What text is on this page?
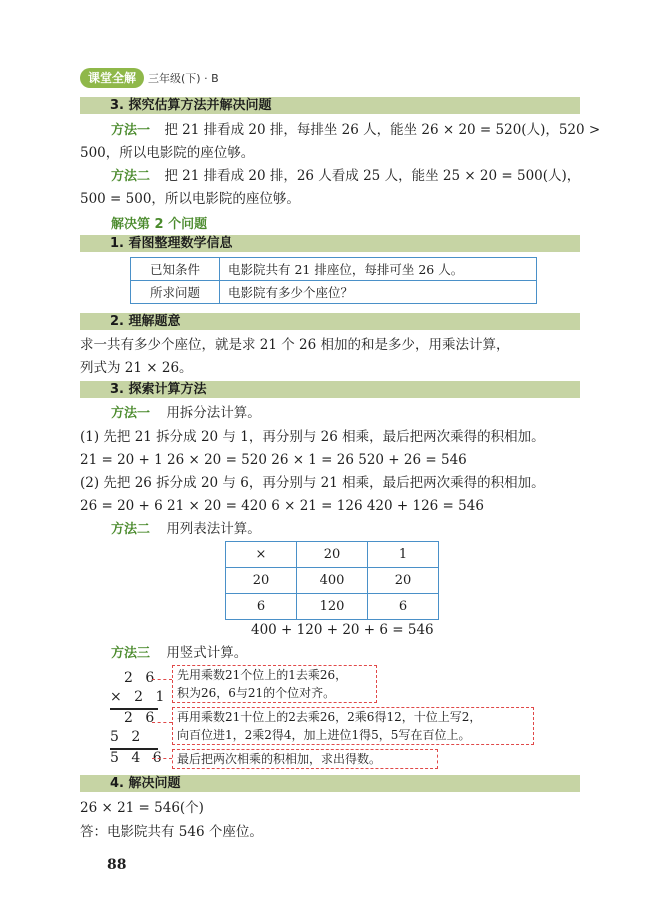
课堂全解	三年级(下) · B
3. 探究估算方法并解决问题
方法一 把 21 排看成 20 排，每排坐 26 人，能坐 26 × 20 = 520(人)，520 >
500，所以电影院的座位够。
方法二 把 21 排看成 20 排，26 人看成 25 人，能坐 25 × 20 = 500(人)，
500 = 500，所以电影院的座位够。
解决第 2 个问题
1. 看图整理数学信息
已知条件	电影院共有 21 排座位，每排可坐 26 人。
所求问题	电影院有多少个座位？
2. 理解题意
求一共有多少个座位，就是求 21 个 26 相加的和是多少，用乘法计算，
列式为 21 × 26。
3. 探索计算方法
方法一 用拆分法计算。
(1) 先把 21 拆分成 20 与 1，再分别与 26 相乘，最后把两次乘得的积相加。
21 = 20 + 1 26 × 20 = 520 26 × 1 = 26 520 + 26 = 546
(2) 先把 26 拆分成 20 与 6，再分别与 21 相乘，最后把两次乘得的积相加。
26 = 20 + 6 21 × 20 = 420 6 × 21 = 126 420 + 126 = 546
方法二 用列表法计算。
×	20	1
20	400	20
6	120	6
400 + 120 + 20 + 6 = 546
方法三 用竖式计算。
2 6
× 2 1
2 6
5 2
5 4 6
先用乘数21个位上的1去乘26，
积为26，6与21的个位对齐。
再用乘数21十位上的2去乘26，2乘6得12，十位上写2，
向百位进1，2乘2得4，加上进位1得5，5写在百位上。
最后把两次相乘的积相加，求出得数。
4. 解决问题
26 × 21 = 546(个)
答：电影院共有 546 个座位。
88
